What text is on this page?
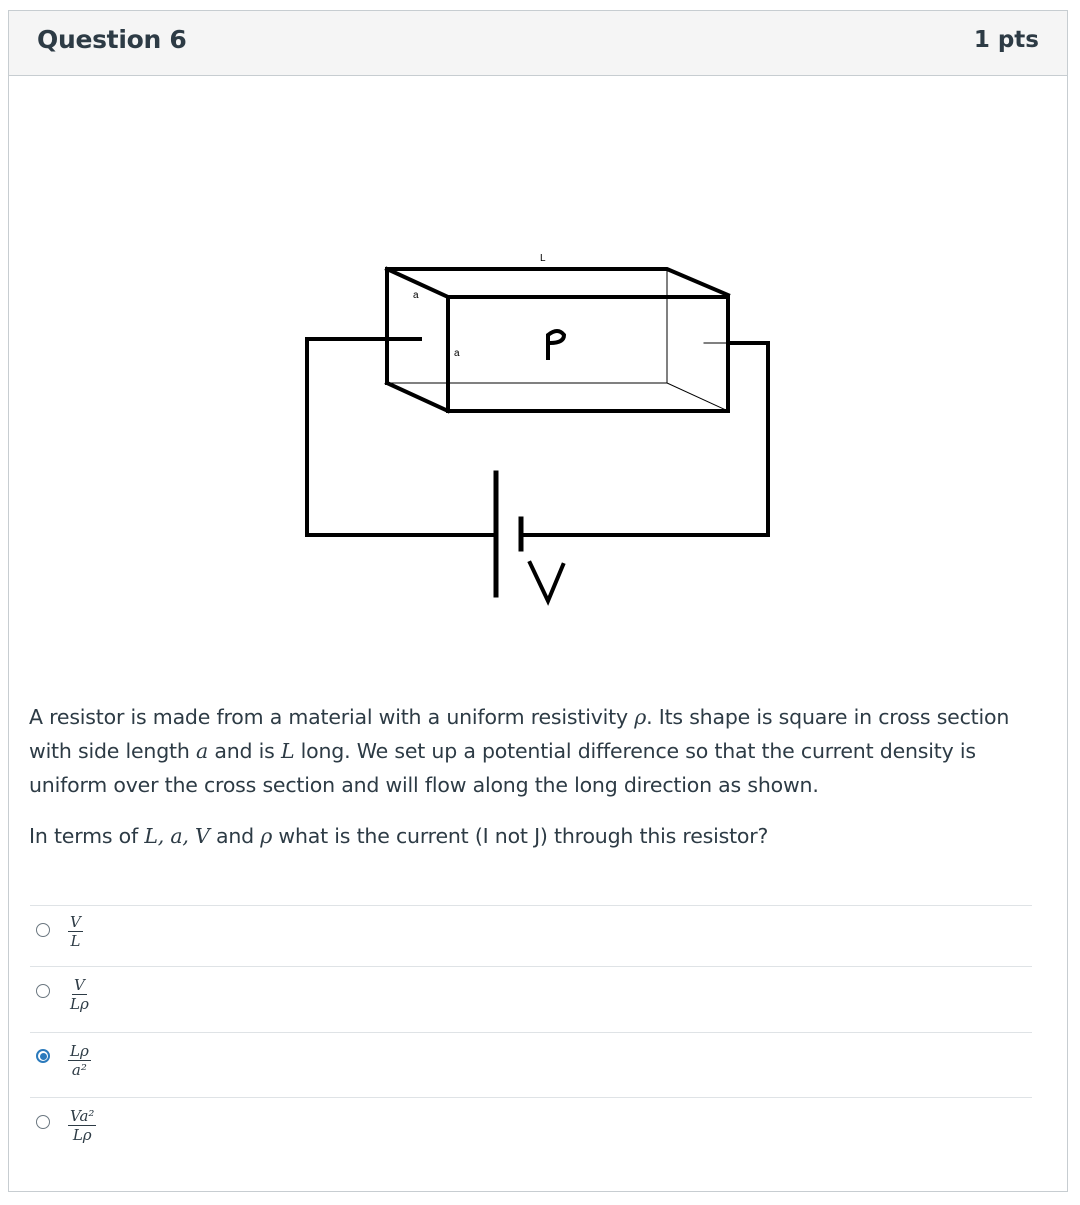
Question 6	1 pts
L
a
a
A resistor is made from a material with a uniform resistivity ρ. Its shape is square in cross section
with side length a and is L long. We set up a potential difference so that the current density is
uniform over the cross section and will flow along the long direction as shown.
In terms of L, a, V and ρ what is the current (I not J) through this resistor?
$\frac{V}{L}$
$\frac{V}{L\rho}$
$\frac{L\rho}{\text{a²}}$
$\frac{\text{Va²}}{L\rho}$
